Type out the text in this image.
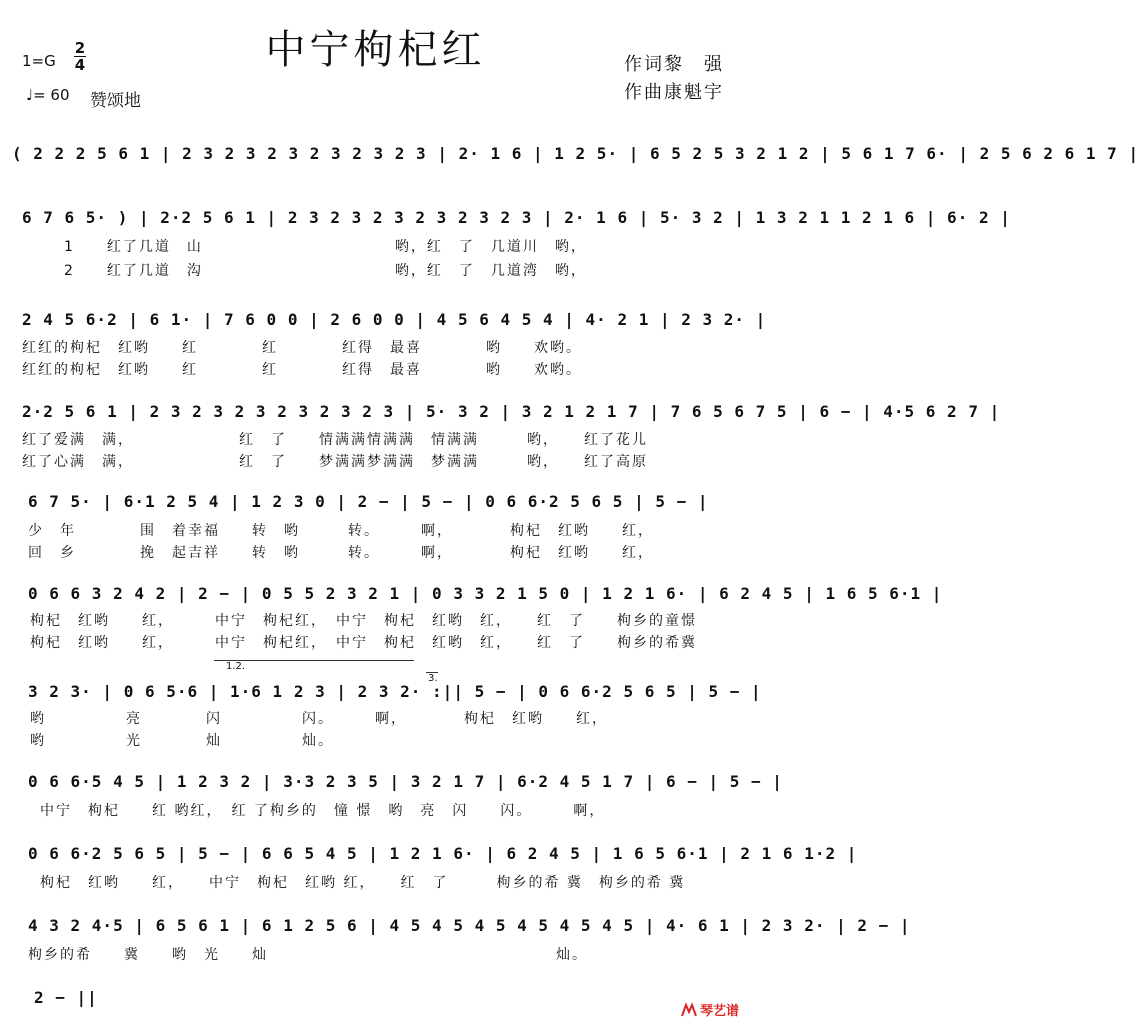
中宁枸杞红
1=G
2
4
♩= 60 赞颂地
作词黎　强
作曲康魁宇
( 2 2 2 5 6 1 | 2 3 2 3 2 3 2 3 2 3 2 3 | 2· 1 6 | 1 2 5· | 6 5 2 5 3 2 1 2 | 5 6 1 7 6· | 2 5 6 2 6 1 7 |
6 7 6 5· ) | 2·2 5 6 1 | 2 3 2 3 2 3 2 3 2 3 2 3 | 2· 1 6 | 5· 3 2 | 1 3 2 1 1 2 1 6 | 6· 2 |
1　　红了几道　山　　　　　　　　　　　　哟，红　了　几道川　哟，
2　　红了几道　沟　　　　　　　　　　　　哟，红　了　几道湾　哟，
2 4 5 6·2 | 6 1· | 7 6 0 0 | 2 6 0 0 | 4 5 6 4 5 4 | 4· 2 1 | 2 3 2· |
红红的枸杞　红哟　　红　　　　红　　　　红得　最喜　　　　哟　　欢哟。
红红的枸杞　红哟　　红　　　　红　　　　红得　最喜　　　　哟　　欢哟。
2·2 5 6 1 | 2 3 2 3 2 3 2 3 2 3 2 3 | 5· 3 2 | 3 2 1 2 1 7 | 7 6 5 6 7 5 | 6 − | 4·5 6 2 7 |
红了爱满　满，　　　　　　　红　了　　情满满情满满　情满满　　　哟，　　红了花儿
红了心满　满，　　　　　　　红　了　　梦满满梦满满　梦满满　　　哟，　　红了高原
6 7 5· | 6·1 2 5 4 | 1 2 3 0 | 2 − | 5 − | 0 6 6·2 5 6 5 | 5 − |
少　年　　　　围　着幸福　　转　哟　　　转。　　　啊，　　　　枸杞　红哟　　红，
回　乡　　　　挽　起吉祥　　转　哟　　　转。　　　啊，　　　　枸杞　红哟　　红，
0 6 6 3 2 4 2 | 2 − | 0 5 5 2 3 2 1 | 0 3 3 2 1 5 0 | 1 2 1 6· | 6 2 4 5 | 1 6 5 6·1 |
枸杞　红哟　　红，　　　中宁　枸杞红，　中宁　枸杞　红哟　红，　　红　了　　枸乡的童憬
枸杞　红哟　　红，　　　中宁　枸杞红，　中宁　枸杞　红哟　红，　　红　了　　枸乡的希冀
1.2.
3.
3 2 3· | 0 6 5·6 | 1·6 1 2 3 | 2 3 2· :|| 5 − | 0 6 6·2 5 6 5 | 5 − |
哟　　　　　亮　　　　闪　　　　　闪。　　　啊，　　　　枸杞　红哟　　红，
哟　　　　　光　　　　灿　　　　　灿。
0 6 6·5 4 5 | 1 2 3 2 | 3·3 2 3 5 | 3 2 1 7 | 6·2 4 5 1 7 | 6 − | 5 − |
中宁　枸杞　　红 哟红，　红 了枸乡的　憧 憬　哟　亮　闪　　闪。　　　啊，
0 6 6·2 5 6 5 | 5 − | 6 6 5 4 5 | 1 2 1 6· | 6 2 4 5 | 1 6 5 6·1 | 2 1 6 1·2 |
枸杞　红哟　　红，　　中宁　枸杞　红哟 红，　　红　了　　　枸乡的希 冀　枸乡的希 冀
4 3 2 4·5 | 6 5 6 1 | 6 1 2 5 6 | 4 5 4 5 4 5 4 5 4 5 4 5 | 4· 6 1 | 2 3 2· | 2 − |
枸乡的希　　冀　　哟　光　　灿　　　　　　　　　　　　　　　　　　灿。
2 − ||
琴艺谱
